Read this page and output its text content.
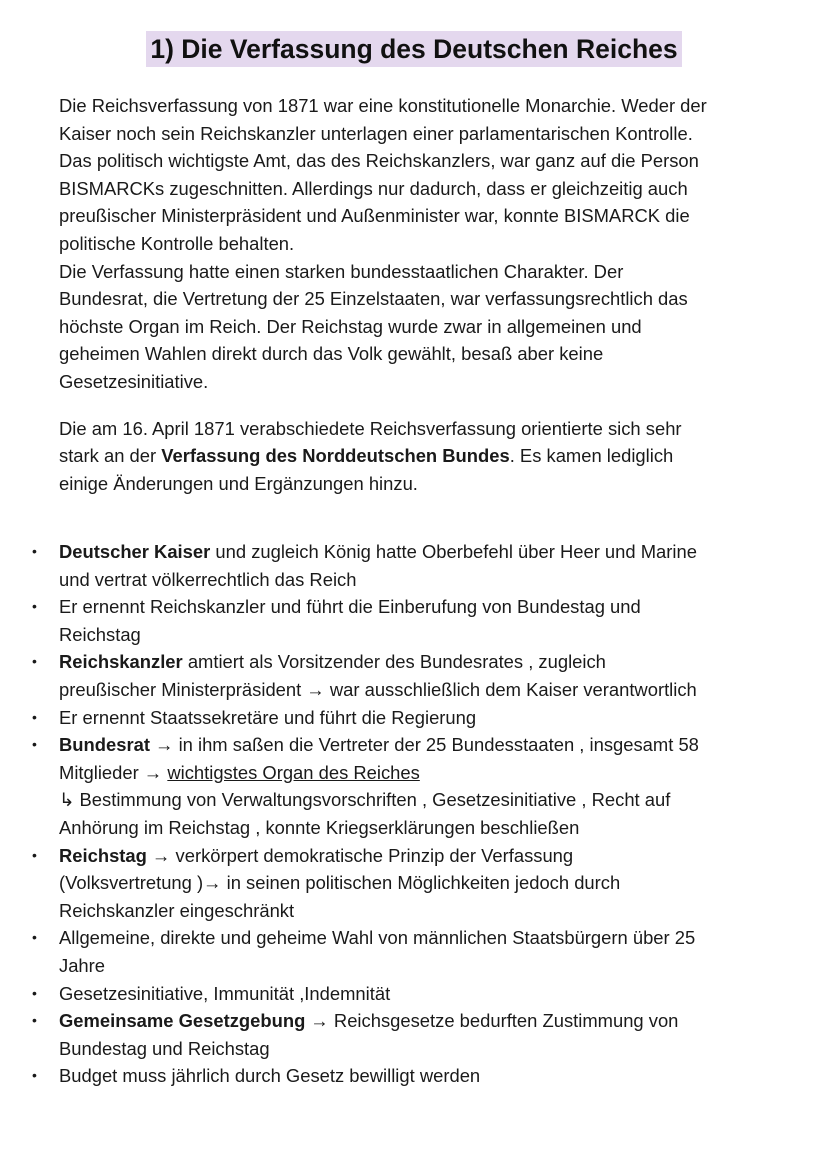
1) Die Verfassung des Deutschen Reiches

Die Reichsverfassung von 1871 war eine konstitutionelle Monarchie. Weder der
Kaiser noch sein Reichskanzler unterlagen einer parlamentarischen Kontrolle.
Das politisch wichtigste Amt, das des Reichskanzlers, war ganz auf die Person
BISMARCKs zugeschnitten. Allerdings nur dadurch, dass er gleichzeitig auch
preußischer Ministerpräsident und Außenminister war, konnte BISMARCK die
politische Kontrolle behalten.
Die Verfassung hatte einen starken bundesstaatlichen Charakter. Der
Bundesrat, die Vertretung der 25 Einzelstaaten, war verfassungsrechtlich das
höchste Organ im Reich. Der Reichstag wurde zwar in allgemeinen und
geheimen Wahlen direkt durch das Volk gewählt, besaß aber keine
Gesetzesinitiative.

Die am 16. April 1871 verabschiedete Reichsverfassung orientierte sich sehr
stark an der Verfassung des Norddeutschen Bundes. Es kamen lediglich
einige Änderungen und Ergänzungen hinzu.

• Deutscher Kaiser und zugleich König hatte Oberbefehl über Heer und Marine
und vertrat völkerrechtlich das Reich
• Er ernennt Reichskanzler und führt die Einberufung von Bundestag und
Reichstag
• Reichskanzler amtiert als Vorsitzender des Bundesrates , zugleich
preußischer Ministerpräsident → war ausschließlich dem Kaiser verantwortlich
• Er ernennt Staatssekretäre und führt die Regierung
• Bundesrat → in ihm saßen die Vertreter der 25 Bundesstaaten , insgesamt 58
Mitglieder → wichtigstes Organ des Reiches
↳ Bestimmung von Verwaltungsvorschriften , Gesetzesinitiative , Recht auf
Anhörung im Reichstag , konnte Kriegserklärungen beschließen
• Reichstag → verkörpert demokratische Prinzip der Verfassung
(Volksvertretung )→ in seinen politischen Möglichkeiten jedoch durch
Reichskanzler eingeschränkt
• Allgemeine, direkte und geheime Wahl von männlichen Staatsbürgern über 25
Jahre
• Gesetzesinitiative, Immunität ,Indemnität
• Gemeinsame Gesetzgebung → Reichsgesetze bedurften Zustimmung von
Bundestag und Reichstag
• Budget muss jährlich durch Gesetz bewilligt werden
